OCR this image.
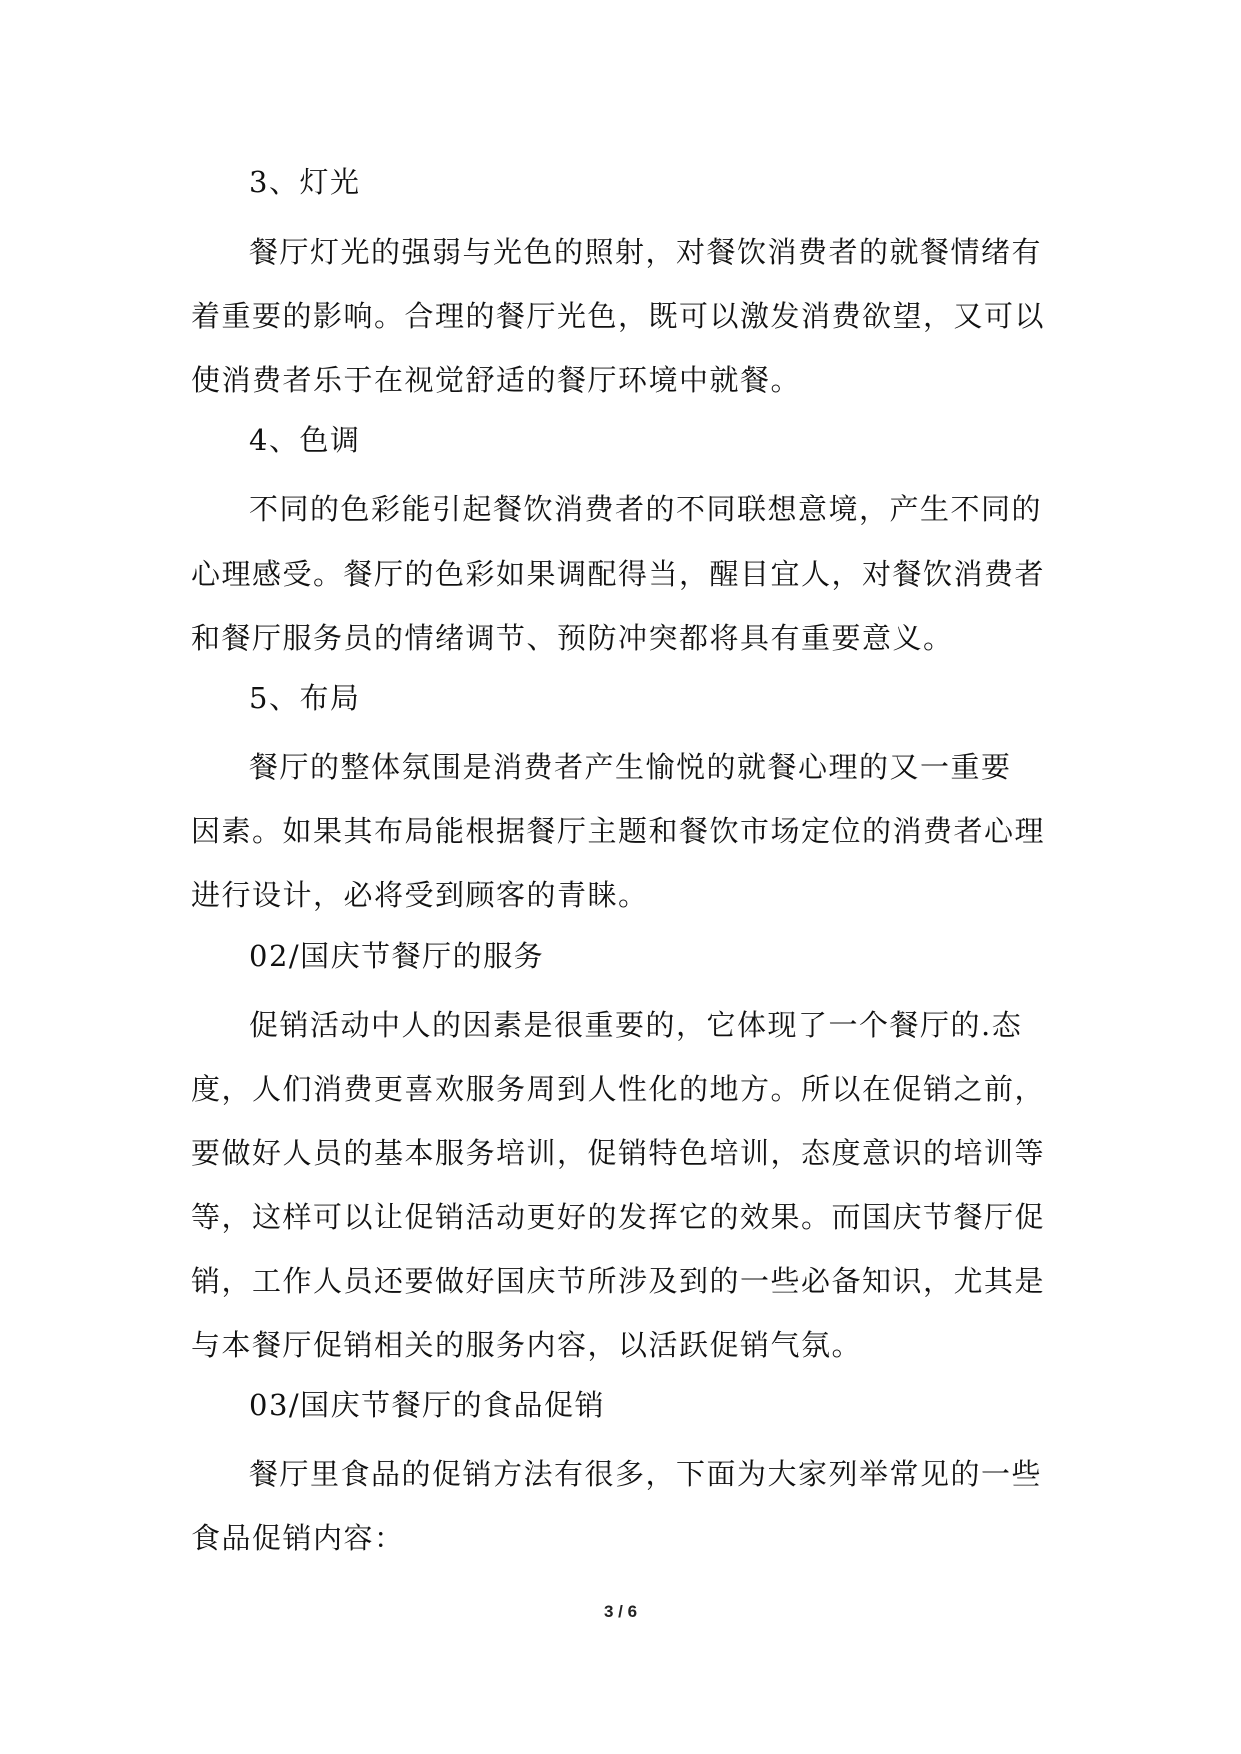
3、灯光
餐厅灯光的强弱与光色的照射，对餐饮消费者的就餐情绪有
着重要的影响。合理的餐厅光色，既可以激发消费欲望，又可以
使消费者乐于在视觉舒适的餐厅环境中就餐。
4、色调
不同的色彩能引起餐饮消费者的不同联想意境，产生不同的
心理感受。餐厅的色彩如果调配得当，醒目宜人，对餐饮消费者
和餐厅服务员的情绪调节、预防冲突都将具有重要意义。
5、布局
餐厅的整体氛围是消费者产生愉悦的就餐心理的又一重要
因素。如果其布局能根据餐厅主题和餐饮市场定位的消费者心理
进行设计，必将受到顾客的青睐。
02/国庆节餐厅的服务
促销活动中人的因素是很重要的，它体现了一个餐厅的.态
度，人们消费更喜欢服务周到人性化的地方。所以在促销之前，
要做好人员的基本服务培训，促销特色培训，态度意识的培训等
等，这样可以让促销活动更好的发挥它的效果。而国庆节餐厅促
销，工作人员还要做好国庆节所涉及到的一些必备知识，尤其是
与本餐厅促销相关的服务内容，以活跃促销气氛。
03/国庆节餐厅的食品促销
餐厅里食品的促销方法有很多，下面为大家列举常见的一些
食品促销内容：
3 / 6
